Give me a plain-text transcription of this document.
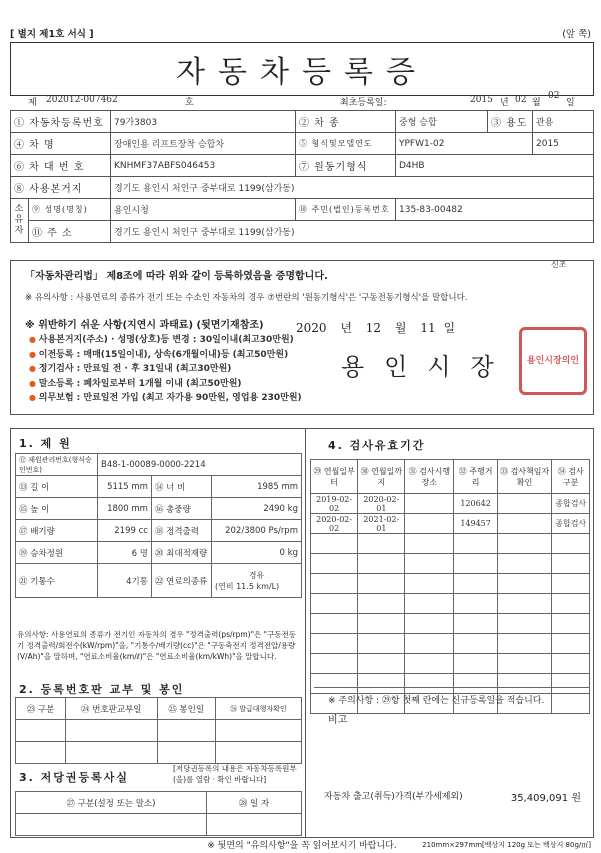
[ 별지 제1호 서식 ]	(앞 쪽)
자동차등록증
제 202012-007462	호	최초등록일:	2015 년 02 월
02
일
① 자동차등록번호		79가3803	② 차 종	중형 승합	③ 용도	관용
④ 차 명		장애인용 리프트장착 승합차	⑤ 형식및모델연도	YPFW1-02		2015
⑥ 차 대 번 호		KNHMF37ABFS046453	⑦ 원동기형식	D4HB		
⑧ 사용본거지		경기도 용인시 처인구 중부대로 1199(삼가동)				
소유자	⑨ 성명(명칭)	용인시청	⑩ 주민(법인)등록번호	135-83-00482		
	⑪ 주 소	경기도 용인시 처인구 중부대로 1199(삼가동)				
「자동차관리법」 제8조에 따라 위와 같이 등록하였음을 증명합니다.
신조
※ 유의사항 : 사용연료의 종류가 전기 또는 수소인 자동차의 경우 ⑦번란의 '원동기형식'은 '구동전동기형식'을 말합니다.
※ 위반하기 쉬운 사항(지연시 과태료) (뒷면기재참조)
● 사용본거지(주소) · 성명(상호)등 변경 : 30일이내(최고30만원)
● 이전등록 : 매매(15일이내), 상속(6개월이내)등 (최고50만원)
● 정기검사 : 만료일 전 · 후 31일내 (최고30만원)
● 말소등록 : 폐차일로부터 1개월 이내 (최고50만원)
● 의무보험 : 만료일전 가입 (최고 자가용 90만원, 영업용 230만원)
2020 년 12 월 11 일
용인시장	용인시장의인
1. 제 원
⑫ 제원관리번호(형식승인번호)	B48-1-00089-0000-2214		
⑬ 길 이	5115 mm	⑭ 너 비	1985 mm
⑮ 높 이	1800 mm	⑯ 총중량	2490 kg
⑰ 배기량	2199 cc	⑱ 정격출력	202/3800 Ps/rpm
⑲ 승차정원	6 명	⑳ 최대적재량	0 kg
㉑ 기통수	4기통	㉒ 연료의종류	경유
(연비 11.5 km/L)
유의사항: 사용연료의 종류가 전기인 자동차의 경우 "정격출력(ps/rpm)"은 "구동전동기 정격출력/회전수(kW/rpm)"을, "기통수/배기량(cc)"은 "구동축전지 정격전압/용량(V/Ah)"을 말하며, "연료소비율(km/ℓ)"은 "연료소비율(km/kWh)"을 말합니다.
2. 등록번호판 교부 및 봉인
㉓ 구분	㉔ 번호판교부일	㉕ 봉인일	㉖ 발급대행자확인

3. 저당권등록사실
[저당권등록의 내용은 자동차등록원부(을)를 열람 · 확인 바랍니다]
㉗ 구분(설정 또는 말소)	㉘ 일 자

4. 검사유효기간
㉙ 연월일부터	㉚ 연월일까지	㉛ 검사시행장소	㉜ 주행거리	㉝ 검사책임자확인	㉞ 검사구분
2019-02-02	2020-02-01		120642		종합검사
2020-02-02	2021-02-01		149457		종합검사

※ 주의사항 : ㉙항 첫째 란에는 신규등록일을 적습니다.
비고
자동차 출고(취득)가격(부가세제외)	35,409,091 원
※ 뒷면의 "유의사항"을 꼭 읽어보시기 바랍니다.	210mm×297mm[백상지 120g 또는 백상지 80g/㎡]
